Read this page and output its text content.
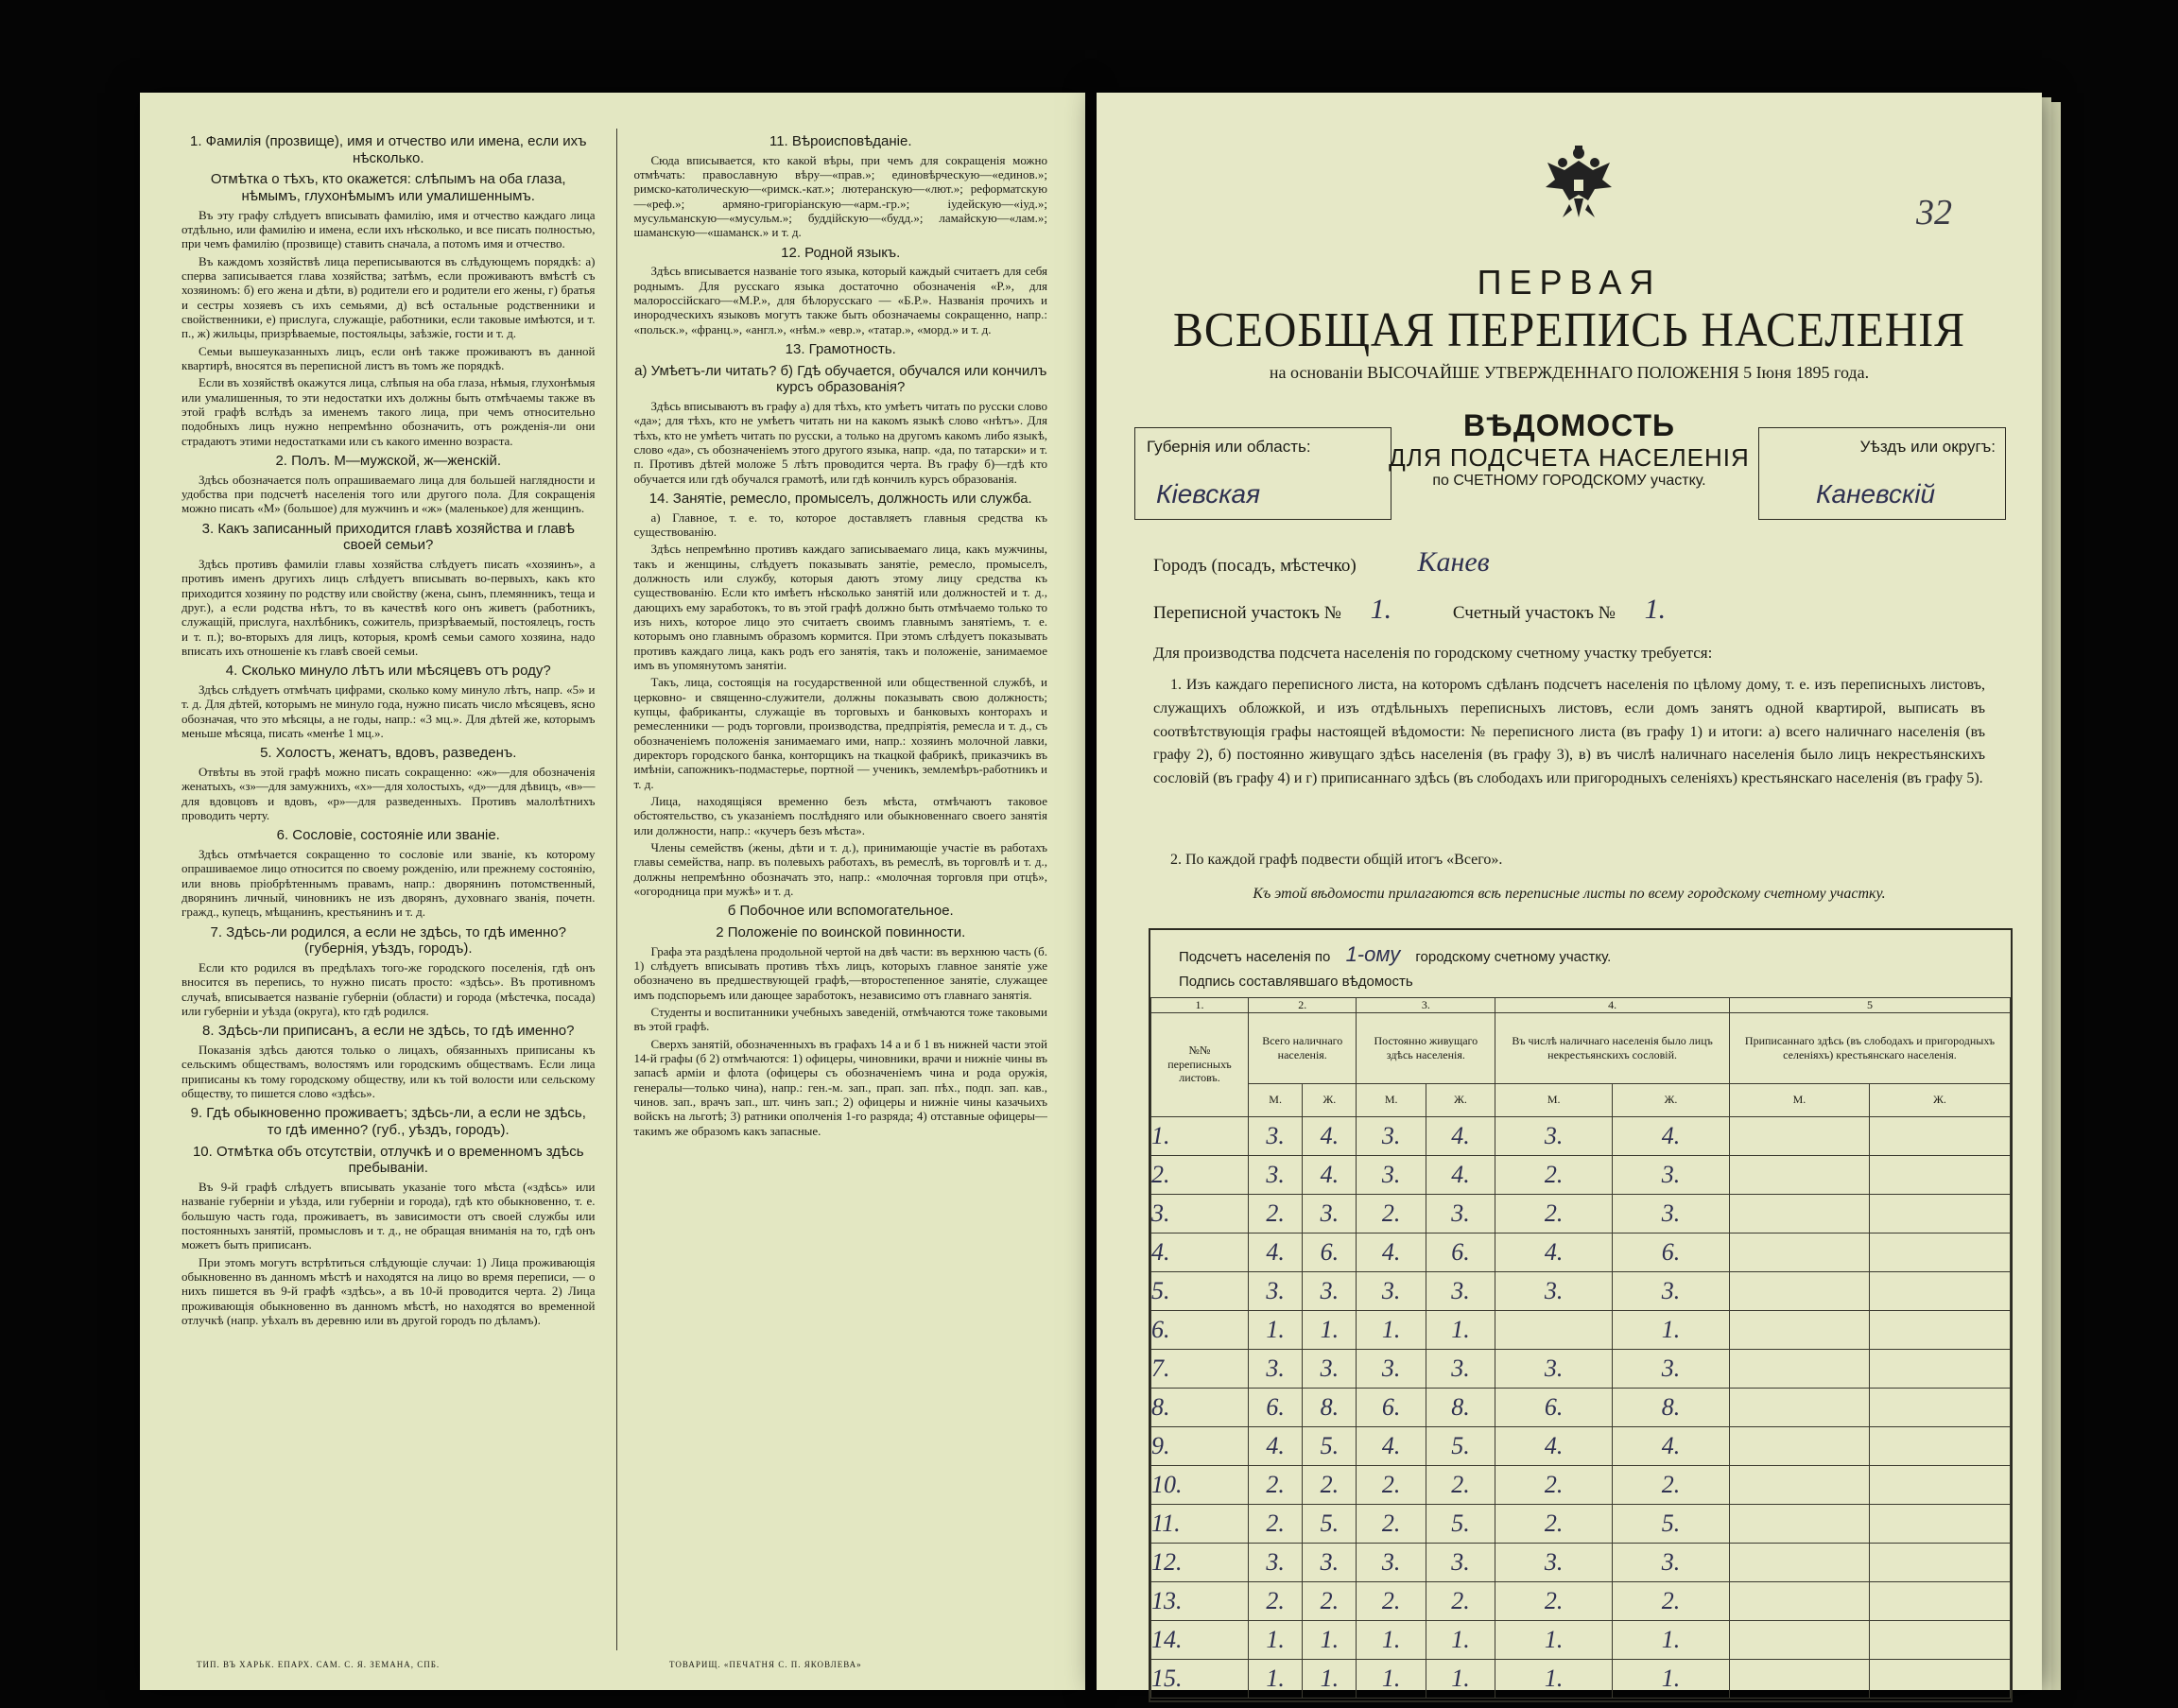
1. Фамилія (прозвище), имя и отчество или имена, если ихъ нѣсколько.
Отмѣтка о тѣхъ, кто окажется: слѣпымъ на оба глаза, нѣмымъ, глухонѣмымъ или умалишеннымъ.
Въ эту графу слѣдуетъ вписывать фамилію, имя и отчество каждаго лица отдѣльно, или фамилію и имена, если ихъ нѣсколько, и все писать полностью, при чемъ фамилію (прозвище) ставить сначала, а потомъ имя и отчество.
Въ каждомъ хозяйствѣ лица переписываются въ слѣдующемъ порядкѣ: а) сперва записывается глава хозяйства; затѣмъ, если проживаютъ вмѣстѣ съ хозяиномъ: б) его жена и дѣти, в) родители его и родители его жены, г) братья и сестры хозяевъ съ ихъ семьями, д) всѣ остальные родственники и свойственники, е) прислуга, служащіе, работники, если таковые имѣются, и т. п., ж) жильцы, призрѣваемые, постояльцы, заѣзжіе, гости и т. д.
Семьи вышеуказанныхъ лицъ, если онѣ также проживаютъ въ данной квартирѣ, вносятся въ переписной листъ въ томъ же порядкѣ.
Если въ хозяйствѣ окажутся лица, слѣпыя на оба глаза, нѣмыя, глухонѣмыя или умалишенныя, то эти недостатки ихъ должны быть отмѣчаемы также въ этой графѣ вслѣдъ за именемъ такого лица, при чемъ относительно подобныхъ лицъ нужно непремѣнно обозначить, отъ рожденія-ли они страдаютъ этими недостатками или съ какого именно возраста.
2. Полъ. М—мужской, ж—женскій.
Здѣсь обозначается полъ опрашиваемаго лица для большей наглядности и удобства при подсчетѣ населенія того или другого пола. Для сокращенія можно писать «М» (большое) для мужчинъ и «ж» (маленькое) для женщинъ.
3. Какъ записанный приходится главѣ хозяйства и главѣ своей семьи?
Здѣсь противъ фамиліи главы хозяйства слѣдуетъ писать «хозяинъ», а противъ именъ другихъ лицъ слѣдуетъ вписывать во-первыхъ, какъ кто приходится хозяину по родству или свойству (жена, сынъ, племянникъ, теща и друг.), а если родства нѣтъ, то въ качествѣ кого онъ живетъ (работникъ, служащій, прислуга, нахлѣбникъ, сожитель, призрѣваемый, постоялецъ, гость и т. п.); во-вторыхъ для лицъ, которыя, кромѣ семьи самого хозяина, надо вписать ихъ отношеніе къ главѣ своей семьи.
4. Сколько минуло лѣтъ или мѣсяцевъ отъ роду?
Здѣсь слѣдуетъ отмѣчать цифрами, сколько кому минуло лѣтъ, напр. «5» и т. д. Для дѣтей, которымъ не минуло года, нужно писать число мѣсяцевъ, ясно обозначая, что это мѣсяцы, а не годы, напр.: «3 мц.». Для дѣтей же, которымъ меньше мѣсяца, писать «менѣе 1 мц.».
5. Холостъ, женатъ, вдовъ, разведенъ.
Отвѣты въ этой графѣ можно писать сокращенно: «ж»—для обозначенія женатыхъ, «з»—для замужнихъ, «х»—для холостыхъ, «д»—для дѣвицъ, «в»—для вдовцовъ и вдовъ, «р»—для разведенныхъ. Противъ малолѣтнихъ проводить черту.
6. Сословіе, состояніе или званіе.
Здѣсь отмѣчается сокращенно то сословіе или званіе, къ которому опрашиваемое лицо относится по своему рожденію, или прежнему состоянію, или вновь пріобрѣтеннымъ правамъ, напр.: дворянинъ потомственный, дворянинъ личный, чиновникъ не изъ дворянъ, духовнаго званія, почетн. гражд., купецъ, мѣщанинъ, крестьянинъ и т. д.
7. Здѣсь-ли родился, а если не здѣсь, то гдѣ именно? (губернія, уѣздъ, городъ).
Если кто родился въ предѣлахъ того-же городского поселенія, гдѣ онъ вносится въ перепись, то нужно писать просто: «здѣсь». Въ противномъ случаѣ, вписывается названіе губерніи (области) и города (мѣстечка, посада) или губерніи и уѣзда (округа), кто гдѣ родился.
8. Здѣсь-ли приписанъ, а если не здѣсь, то гдѣ именно?
Показанія здѣсь даются только о лицахъ, обязанныхъ приписаны къ сельскимъ обществамъ, волостямъ или городскимъ обществамъ. Если лица приписаны къ тому городскому обществу, или къ той волости или сельскому обществу, то пишется слово «здѣсь».
9. Гдѣ обыкновенно проживаетъ; здѣсь-ли, а если не здѣсь, то гдѣ именно? (губ., уѣздъ, городъ).
10. Отмѣтка объ отсутствіи, отлучкѣ и о временномъ здѣсь пребываніи.
Въ 9-й графѣ слѣдуетъ вписывать указаніе того мѣста («здѣсь» или названіе губерніи и уѣзда, или губерніи и города), гдѣ кто обыкновенно, т. е. большую часть года, проживаетъ, въ зависимости отъ своей службы или постоянныхъ занятій, промысловъ и т. д., не обращая вниманія на то, гдѣ онъ можетъ быть приписанъ.
При этомъ могутъ встрѣтиться слѣдующіе случаи: 1) Лица проживающія обыкновенно въ данномъ мѣстѣ и находятся на лицо во время переписи, — о нихъ пишется въ 9-й графѣ «здѣсь», а въ 10-й проводится черта. 2) Лица проживающія обыкновенно въ данномъ мѣстѣ, но находятся во временной отлучкѣ (напр. уѣхалъ въ деревню или въ другой городъ по дѣламъ).
11. Вѣроисповѣданіе.
Сюда вписывается, кто какой вѣры, при чемъ для сокращенія можно отмѣчать: православную вѣру—«прав.»; единовѣрческую—«единов.»; римско-католическую—«римск.-кат.»; лютеранскую—«лют.»; реформатскую—«реф.»; армяно-григоріанскую—«арм.-гр.»; іудейскую—«іуд.»; мусульманскую—«мусульм.»; буддійскую—«будд.»; ламайскую—«лам.»; шаманскую—«шаманск.» и т. д.
12. Родной языкъ.
Здѣсь вписывается названіе того языка, который каждый считаетъ для себя роднымъ. Для русскаго языка достаточно обозначенія «Р.», для малороссійскаго—«М.Р.», для бѣлорусскаго — «Б.Р.». Названія прочихъ и инородческихъ языковъ могутъ также быть обозначаемы сокращенно, напр.: «польск.», «франц.», «англ.», «нѣм.» «евр.», «татар.», «морд.» и т. д.
13. Грамотность.
а) Умѣетъ-ли читать? б) Гдѣ обучается, обучался или кончилъ курсъ образованія?
Здѣсь вписываютъ въ графу а) для тѣхъ, кто умѣетъ читать по русски слово «да»; для тѣхъ, кто не умѣетъ читать ни на какомъ языкѣ слово «нѣтъ». Для тѣхъ, кто не умѣетъ читать по русски, а только на другомъ какомъ либо языкѣ, слово «да», съ обозначеніемъ этого другого языка, напр. «да, по татарски» и т. п. Противъ дѣтей моложе 5 лѣтъ проводится черта. Въ графу б)—гдѣ кто обучается или гдѣ обучался грамотѣ, или гдѣ кончилъ курсъ образованія.
14. Занятіе, ремесло, промыселъ, должность или служба.
а) Главное, т. е. то, которое доставляетъ главныя средства къ существованію.
Здѣсь непремѣнно противъ каждаго записываемаго лица, какъ мужчины, такъ и женщины, слѣдуетъ показывать занятіе, ремесло, промыселъ, должность или службу, которыя даютъ этому лицу средства къ существованію. Если кто имѣетъ нѣсколько занятій или должностей и т. д., дающихъ ему заработокъ, то въ этой графѣ должно быть отмѣчаемо только то изъ нихъ, которое лицо это считаетъ своимъ главнымъ занятіемъ, т. е. которымъ оно главнымъ образомъ кормится. При этомъ слѣдуетъ показывать противъ каждаго лица, какъ родъ его занятія, такъ и положеніе, занимаемое имъ въ упомянутомъ занятіи.
Такъ, лица, состоящія на государственной или общественной службѣ, и церковно- и священно-служители, должны показывать свою должность; купцы, фабриканты, служащіе въ торговыхъ и банковыхъ конторахъ и ремесленники — родъ торговли, производства, предпріятія, ремесла и т. д., съ обозначеніемъ положенія занимаемаго ими, напр.: хозяинъ молочной лавки, директоръ городского банка, конторщикъ на ткацкой фабрикѣ, приказчикъ въ имѣніи, сапожникъ-подмастерье, портной — ученикъ, землемѣръ-работникъ и т. д.
Лица, находящіяся временно безъ мѣста, отмѣчаютъ таковое обстоятельство, съ указаніемъ послѣдняго или обыкновеннаго своего занятія или должности, напр.: «кучеръ безъ мѣста».
Члены семействъ (жены, дѣти и т. д.), принимающіе участіе въ работахъ главы семейства, напр. въ полевыхъ работахъ, въ ремеслѣ, въ торговлѣ и т. д., должны непремѣнно обозначать это, напр.: «молочная торговля при отцѣ», «огородница при мужѣ» и т. д.
б Побочное или вспомогательное.
2 Положеніе по воинской повинности.
Графа эта раздѣлена продольной чертой на двѣ части: въ верхнюю часть (б. 1) слѣдуетъ вписывать противъ тѣхъ лицъ, которыхъ главное занятіе уже обозначено въ предшествующей графѣ,—второстепенное занятіе, служащее имъ подспорьемъ или дающее заработокъ, независимо отъ главнаго занятія.
Студенты и воспитанники учебныхъ заведеній, отмѣчаются тоже таковыми въ этой графѣ.
Сверхъ занятій, обозначенныхъ въ графахъ 14 а и б 1 въ нижней части этой 14-й графы (б 2) отмѣчаются: 1) офицеры, чиновники, врачи и нижніе чины въ запасѣ арміи и флота (офицеры съ обозначеніемъ чина и рода оружія, генералы—только чина), напр.: ген.-м. зап., прап. зап. пѣх., подп. зап. кав., чинов. зап., врачъ зап., шт. чинъ зап.; 2) офицеры и нижніе чины казачьихъ войскъ на льготѣ; 3) ратники ополченія 1-го разряда; 4) отставные офицеры—такимъ же образомъ какъ запасные.
ТИП. ВЪ ХАРЬК. ЕПАРХ. САМ. С. Я. ЗЕМАНА, СПБ.	ТОВАРИЩ. «ПЕЧАТНЯ С. П. ЯКОВЛЕВА»
32
ПЕРВАЯ
ВСЕОБЩАЯ ПЕРЕПИСЬ НАСЕЛЕНІЯ
на основаніи ВЫСОЧАЙШЕ УТВЕРЖДЕННАГО ПОЛОЖЕНІЯ 5 Іюня 1895 года.
Губернія или область:
Кіевская
ВѢДОМОСТЬ
ДЛЯ ПОДСЧЕТА НАСЕЛЕНІЯ
по СЧЕТНОМУ ГОРОДСКОМУ участку.
Уѣздъ или округъ:
Каневскій
Городъ (посадъ, мѣстечко) Канев
Переписной участокъ № 1.	Счетный участокъ № 1.
Для производства подсчета населенія по городскому счетному участку требуется:
1. Изъ каждаго переписного листа, на которомъ сдѣланъ подсчетъ населенія по цѣлому дому, т. е. изъ переписныхъ листовъ, служащихъ обложкой, и изъ отдѣльныхъ переписныхъ листовъ, если домъ занятъ одной квартирой, выписать въ соотвѣтствующія графы настоящей вѣдомости: № переписного листа (въ графу 1) и итоги: а) всего наличнаго населенія (въ графу 2), б) постоянно живущаго здѣсь населенія (въ графу 3), в) въ числѣ наличнаго населенія было лицъ некрестьянскихъ сословій (въ графу 4) и г) приписаннаго здѣсь (въ слободахъ или пригородныхъ селеніяхъ) крестьянскаго населенія (въ графу 5).
2. По каждой графѣ подвести общій итогъ «Всего».
Къ этой вѣдомости прилагаются всѣ переписные листы по всему городскому счетному участку.
Подсчетъ населенія по 1-ому городскому счетному участку.
Подпись составлявшаго вѣдомость
1.	2.		3.		4.		5	
№№ переписныхъ листовъ.	Всего наличнаго населенія.		Постоянно живущаго здѣсь населенія.		Въ числѣ наличнаго населенія было лицъ некрестьянскихъ сословій.		Приписаннаго здѣсь (въ слободахъ и пригородныхъ селеніяхъ) крестьянскаго населенія.	
	М.	Ж.	М.	Ж.	М.	Ж.	М.	Ж.
1.	3.	4.	3.	4.	3.	4.		
2.	3.	4.	3.	4.	2.	3.		
3.	2.	3.	2.	3.	2.	3.		
4.	4.	6.	4.	6.	4.	6.		
5.	3.	3.	3.	3.	3.	3.		
6.	1.	1.	1.	1.		1.		
7.	3.	3.	3.	3.	3.	3.		
8.	6.	8.	6.	8.	6.	8.		
9.	4.	5.	4.	5.	4.	4.		
10.	2.	2.	2.	2.	2.	2.		
11.	2.	5.	2.	5.	2.	5.		
12.	3.	3.	3.	3.	3.	3.		
13.	2.	2.	2.	2.	2.	2.		
14.	1.	1.	1.	1.	1.	1.		
15.	1.	1.	1.	1.	1.	1.		
